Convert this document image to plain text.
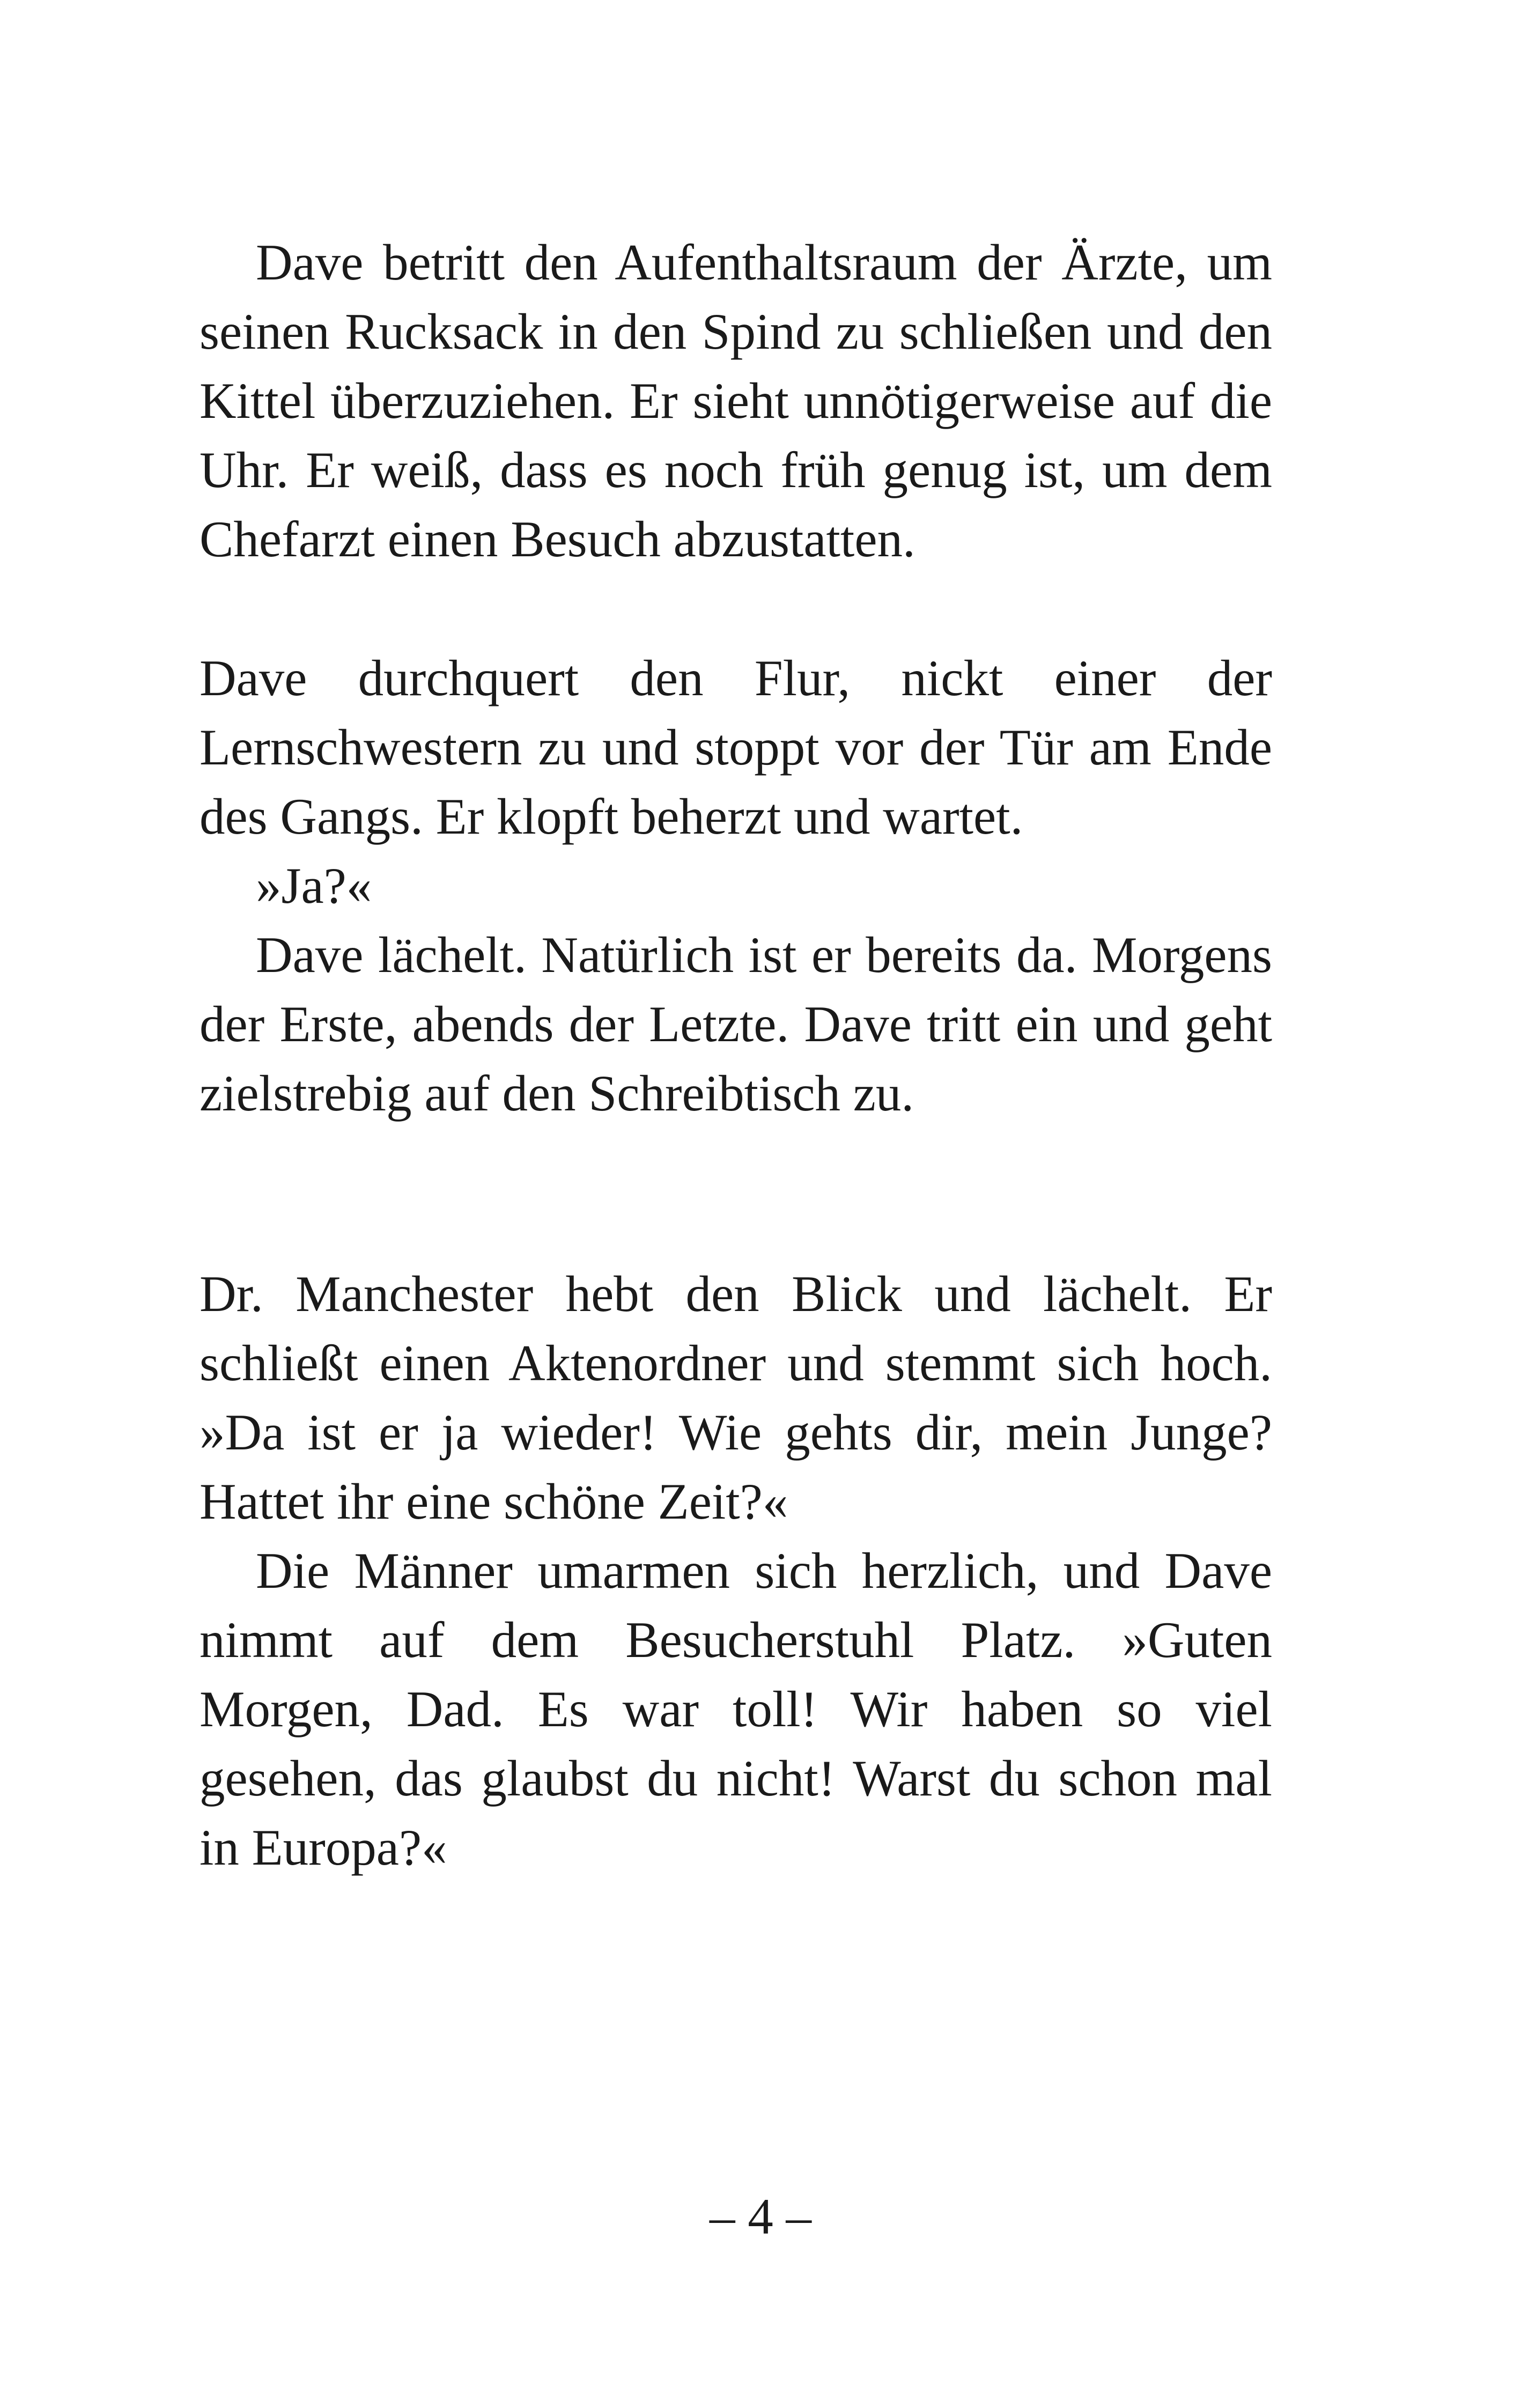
Dave betritt den Aufenthaltsraum der Ärzte, um seinen Rucksack in den Spind zu schließen und den Kittel überzuziehen. Er sieht unnötigerweise auf die Uhr. Er weiß, dass es noch früh genug ist, um dem Chefarzt einen Besuch abzustatten.

Dave durchquert den Flur, nickt einer der Lernschwestern zu und stoppt vor der Tür am Ende des Gangs. Er klopft beherzt und wartet.

»Ja?«

Dave lächelt. Natürlich ist er bereits da. Morgens der Erste, abends der Letzte. Dave tritt ein und geht zielstrebig auf den Schreibtisch zu.

Dr. Manchester hebt den Blick und lächelt. Er schließt einen Aktenordner und stemmt sich hoch. »Da ist er ja wieder! Wie gehts dir, mein Junge? Hattet ihr eine schöne Zeit?«

Die Männer umarmen sich herzlich, und Dave nimmt auf dem Besucherstuhl Platz. »Guten Morgen, Dad. Es war toll! Wir haben so viel gesehen, das glaubst du nicht! Warst du schon mal in Europa?«

– 4 –
